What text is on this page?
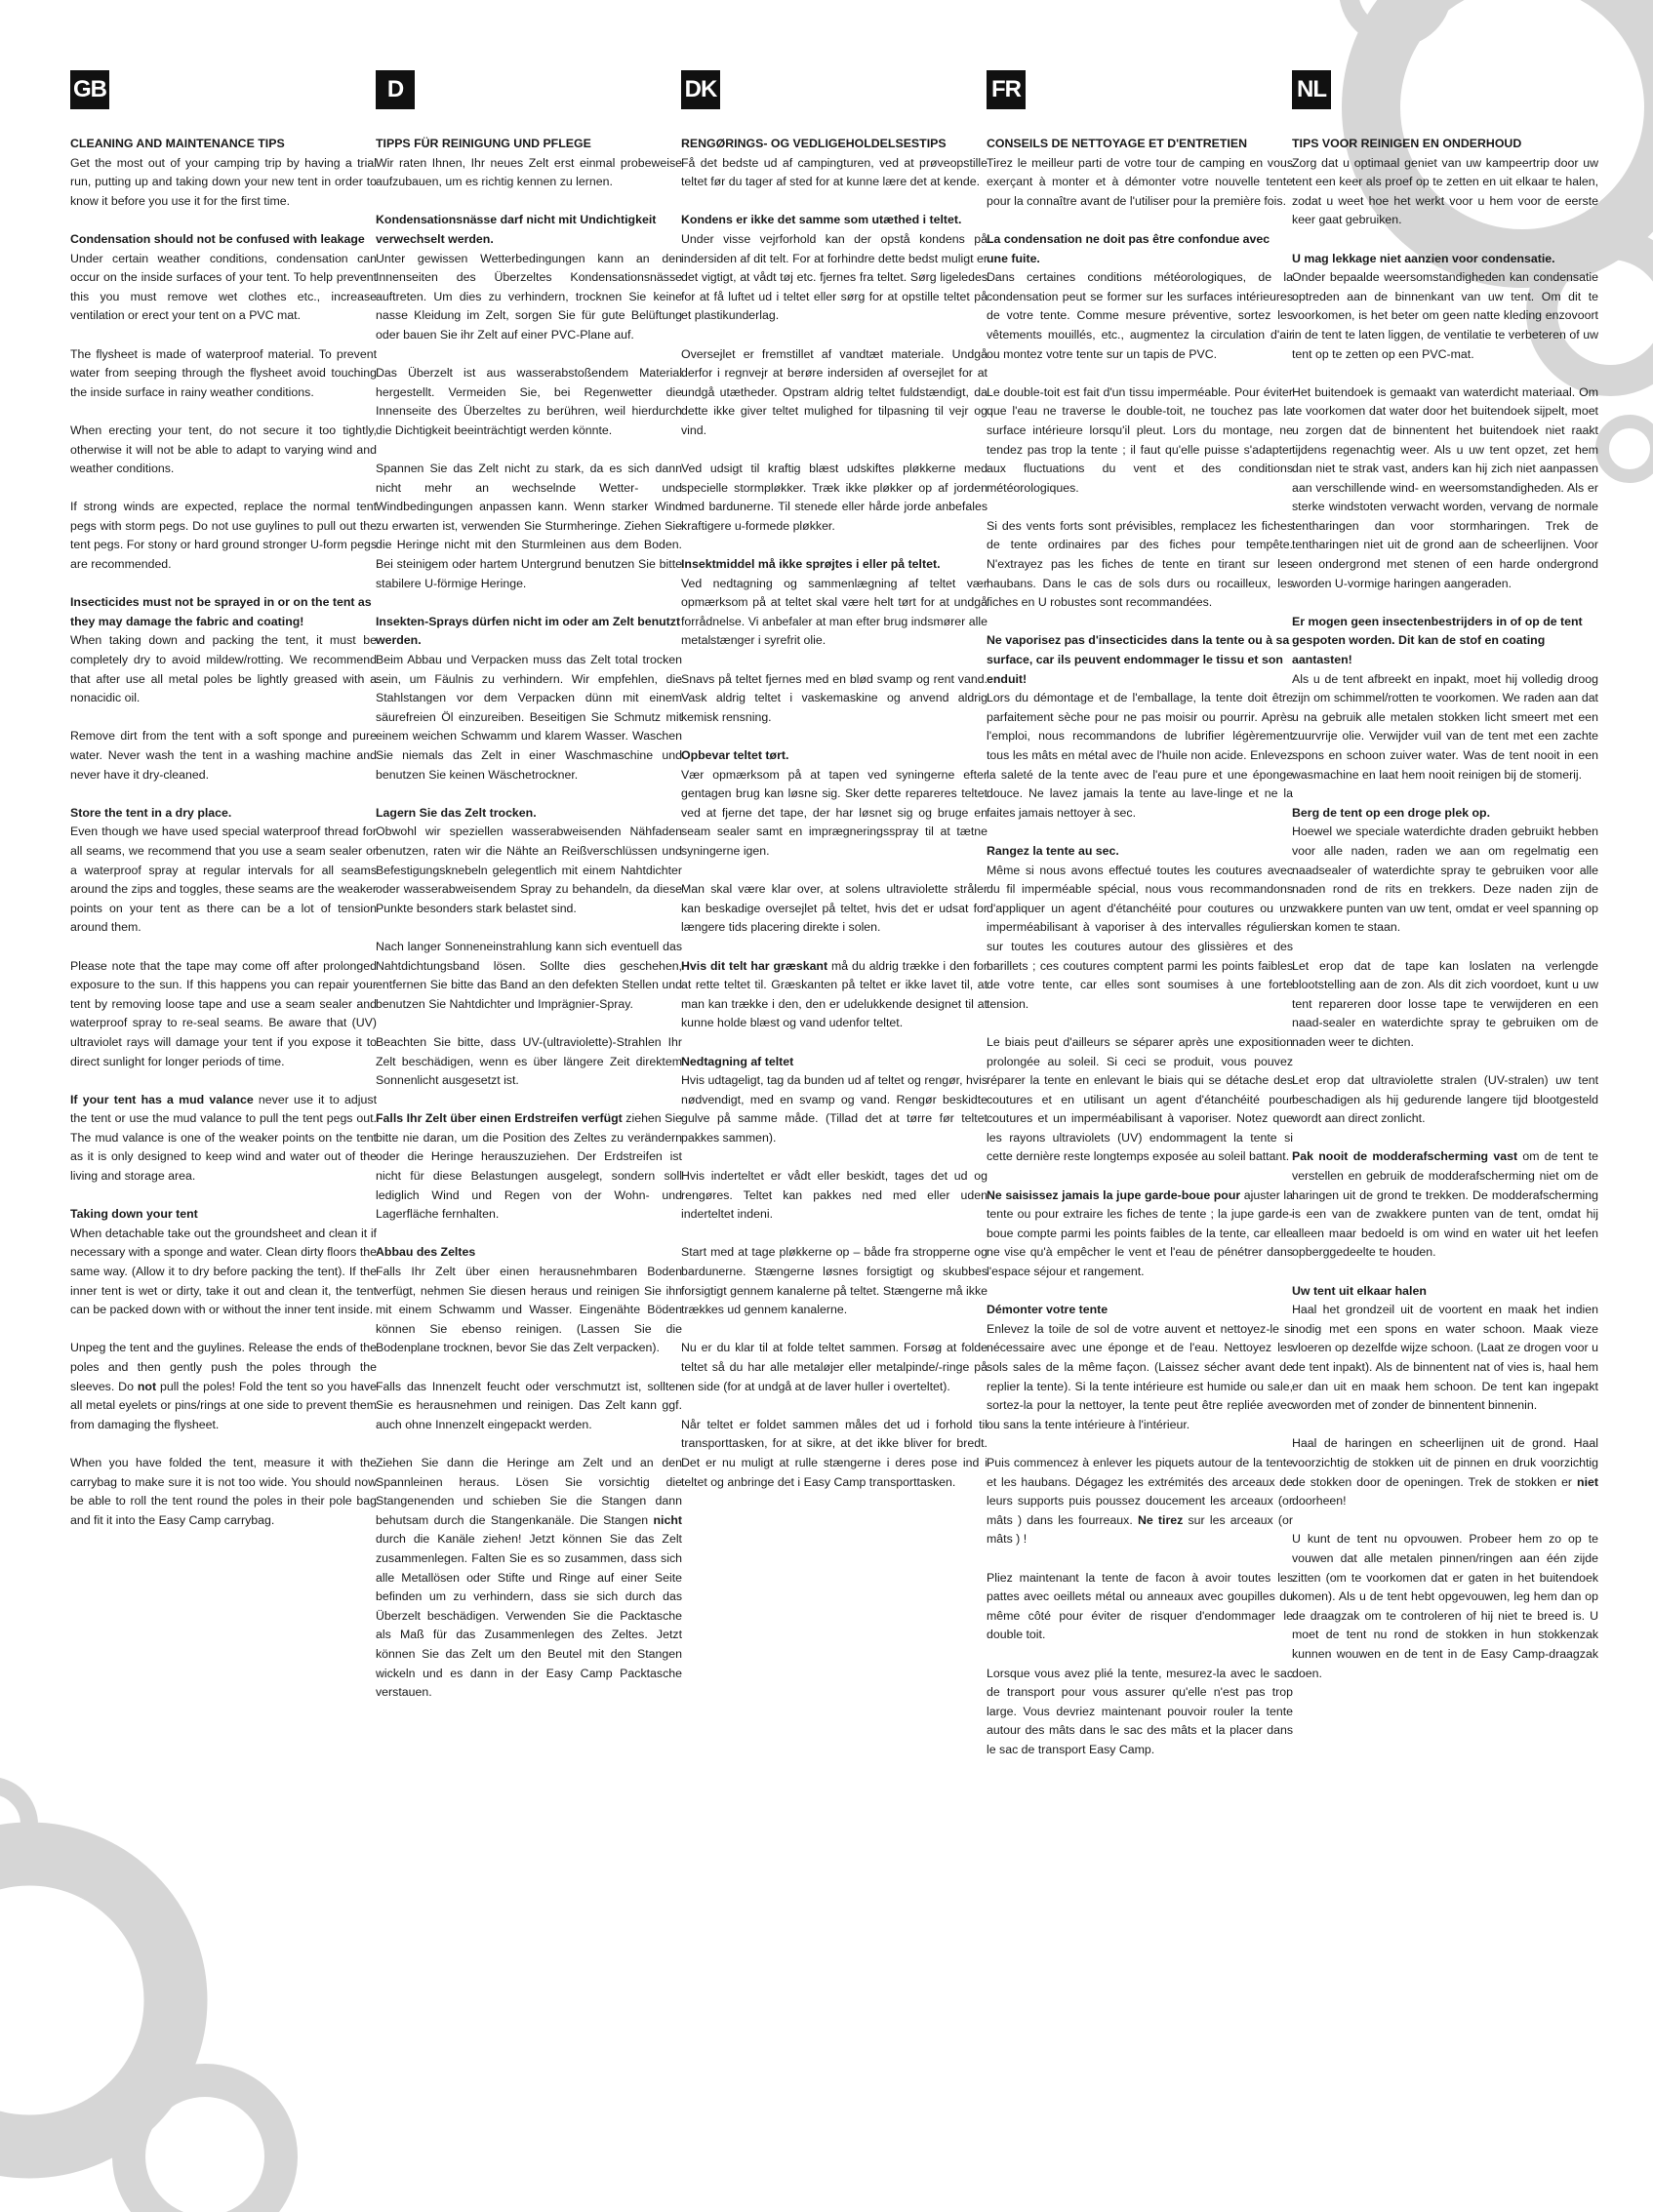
GB
CLEANING AND MAINTENANCE TIPS

Get the most out of your camping trip by having a trial run, putting up and taking down your new tent in order to know it before you use it for the first time.

Condensation should not be confused with leakage

Under certain weather conditions, condensation can occur on the inside surfaces of your tent. To help prevent this you must remove wet clothes etc., increase ventilation or erect your tent on a PVC mat.

The flysheet is made of waterproof material. To prevent water from seeping through the flysheet avoid touching the inside surface in rainy weather conditions.

When erecting your tent, do not secure it too tightly, otherwise it will not be able to adapt to varying wind and weather conditions.

If strong winds are expected, replace the normal tent pegs with storm pegs. Do not use guylines to pull out the tent pegs. For stony or hard ground stronger U-form pegs are recommended.

Insecticides must not be sprayed in or on the tent as they may damage the fabric and coating!

When taking down and packing the tent, it must be completely dry to avoid mildew/rotting. We recommend that after use all metal poles be lightly greased with a nonacidic oil.

Remove dirt from the tent with a soft sponge and pure water. Never wash the tent in a washing machine and never have it dry-cleaned.

Store the tent in a dry place.

Even though we have used special waterproof thread for all seams, we recommend that you use a seam sealer or a waterproof spray at regular intervals for all seams around the zips and toggles, these seams are the weaker points on your tent as there can be a lot of tension around them.

Please note that the tape may come off after prolonged exposure to the sun. If this happens you can repair your tent by removing loose tape and use a seam sealer and waterproof spray to re-seal seams. Be aware that (UV) ultraviolet rays will damage your tent if you expose it to direct sunlight for longer periods of time.

If your tent has a mud valance never use it to adjust the tent or use the mud valance to pull the tent pegs out. The mud valance is one of the weaker points on the tent as it is only designed to keep wind and water out of the living and storage area.

Taking down your tent

When detachable take out the groundsheet and clean it if necessary with a sponge and water. Clean dirty floors the same way. (Allow it to dry before packing the tent). If the inner tent is wet or dirty, take it out and clean it, the tent can be packed down with or without the inner tent inside.

Unpeg the tent and the guylines. Release the ends of the poles and then gently push the poles through the sleeves. Do not pull the poles! Fold the tent so you have all metal eyelets or pins/rings at one side to prevent them from damaging the flysheet.

When you have folded the tent, measure it with the carrybag to make sure it is not too wide. You should now be able to roll the tent round the poles in their pole bag and fit it into the Easy Camp carrybag.

D
TIPPS FÜR REINIGUNG UND PFLEGE

Wir raten Ihnen, Ihr neues Zelt erst einmal probeweise aufzubauen, um es richtig kennen zu lernen.

Kondensationsnässe darf nicht mit Undichtigkeit verwechselt werden.

Unter gewissen Wetterbedingungen kann an den Innenseiten des Überzeltes Kondensationsnässe auftreten. Um dies zu verhindern, trocknen Sie keine nasse Kleidung im Zelt, sorgen Sie für gute Belüftung oder bauen Sie ihr Zelt auf einer PVC-Plane auf.

Das Überzelt ist aus wasserabstoßendem Material hergestellt. Vermeiden Sie, bei Regenwetter die Innenseite des Überzeltes zu berühren, weil hierdurch die Dichtigkeit beeinträchtigt werden könnte.

Spannen Sie das Zelt nicht zu stark, da es sich dann nicht mehr an wechselnde Wetter- und Windbedingungen anpassen kann. Wenn starker Wind zu erwarten ist, verwenden Sie Sturmheringe. Ziehen Sie die Heringe nicht mit den Sturmleinen aus dem Boden. Bei steinigem oder hartem Untergrund benutzen Sie bitte stabilere U-förmige Heringe.

Insekten-Sprays dürfen nicht im oder am Zelt benutzt werden.

Beim Abbau und Verpacken muss das Zelt total trocken sein, um Fäulnis zu verhindern. Wir empfehlen, die Stahlstangen vor dem Verpacken dünn mit einem säurefreien Öl einzureiben. Beseitigen Sie Schmutz mit einem weichen Schwamm und klarem Wasser. Waschen Sie niemals das Zelt in einer Waschmaschine und benutzen Sie keinen Wäschetrockner.

Lagern Sie das Zelt trocken.

Obwohl wir speziellen wasserabweisenden Nähfaden benutzen, raten wir die Nähte an Reißverschlüssen und Befestigungsknebeln gelegentlich mit einem Nahtdichter oder wasserabweisendem Spray zu behandeln, da diese Punkte besonders stark belastet sind.

Nach langer Sonneneinstrahlung kann sich eventuell das Nahtdichtungsband lösen. Sollte dies geschehen, entfernen Sie bitte das Band an den defekten Stellen und benutzen Sie Nahtdichter und Imprägnier-Spray.

Beachten Sie bitte, dass UV-(ultraviolette)-Strahlen Ihr Zelt beschädigen, wenn es über längere Zeit direktem Sonnenlicht ausgesetzt ist.

Falls Ihr Zelt über einen Erdstreifen verfügt ziehen Sie bitte nie daran, um die Position des Zeltes zu verändern oder die Heringe herauszuziehen. Der Erdstreifen ist nicht für diese Belastungen ausgelegt, sondern soll lediglich Wind und Regen von der Wohn- und Lagerfläche fernhalten.

Abbau des Zeltes

Falls Ihr Zelt über einen herausnehmbaren Boden verfügt, nehmen Sie diesen heraus und reinigen Sie ihn mit einem Schwamm und Wasser. Eingenähte Böden können Sie ebenso reinigen. (Lassen Sie die Bodenplane trocknen, bevor Sie das Zelt verpacken).

Falls das Innenzelt feucht oder verschmutzt ist, sollten Sie es herausnehmen und reinigen. Das Zelt kann ggf. auch ohne Innenzelt eingepackt werden.

Ziehen Sie dann die Heringe am Zelt und an den Spannleinen heraus. Lösen Sie vorsichtig die Stangenenden und schieben Sie die Stangen dann behutsam durch die Stangenkanäle. Die Stangen nicht durch die Kanäle ziehen! Jetzt können Sie das Zelt zusammenlegen. Falten Sie es so zusammen, dass sich alle Metallösen oder Stifte und Ringe auf einer Seite befinden um zu verhindern, dass sie sich durch das Überzelt beschädigen. Verwenden Sie die Packtasche als Maß für das Zusammenlegen des Zeltes. Jetzt können Sie das Zelt um den Beutel mit den Stangen wickeln und es dann in der Easy Camp Packtasche verstauen.

DK
RENGØRINGS- OG VEDLIGEHOLDELSESTIPS

Få det bedste ud af campingturen, ved at prøveopstille teltet før du tager af sted for at kunne lære det at kende.

Kondens er ikke det samme som utæthed i teltet.

Under visse vejrforhold kan der opstå kondens på indersiden af dit telt. For at forhindre dette bedst muligt er det vigtigt, at vådt tøj etc. fjernes fra teltet. Sørg ligeledes for at få luftet ud i teltet eller sørg for at opstille teltet på et plastikunderlag.

Oversejlet er fremstillet af vandtæt materiale. Undgå derfor i regnvejr at berøre indersiden af oversejlet for at undgå utætheder. Opstram aldrig teltet fuldstændigt, da dette ikke giver teltet mulighed for tilpasning til vejr og vind.

Ved udsigt til kraftig blæst udskiftes pløkkerne med specielle stormpløkker. Træk ikke pløkker op af jorden med bardunerne. Til stenede eller hårde jorde anbefales kraftigere u-formede pløkker.

Insektmiddel må ikke sprøjtes i eller på teltet.

Ved nedtagning og sammenlægning af teltet vær opmærksom på at teltet skal være helt tørt for at undgå forrådnelse. Vi anbefaler at man efter brug indsmører alle metalstænger i syrefrit olie.

Snavs på teltet fjernes med en blød svamp og rent vand. Vask aldrig teltet i vaskemaskine og anvend aldrig kemisk rensning.

Opbevar teltet tørt.

Vær opmærksom på at tapen ved syningerne efter gentagen brug kan løsne sig. Sker dette repareres teltet ved at fjerne det tape, der har løsnet sig og bruge en seam sealer samt en imprægneringsspray til at tætne syningerne igen.

Man skal være klar over, at solens ultraviolette stråler kan beskadige oversejlet på teltet, hvis det er udsat for længere tids placering direkte i solen.

Hvis dit telt har græskant må du aldrig trække i den for at rette teltet til. Græskanten på teltet er ikke lavet til, at man kan trække i den, den er udelukkende designet til at kunne holde blæst og vand udenfor teltet.

Nedtagning af teltet

Hvis udtageligt, tag da bunden ud af teltet og rengør, hvis nødvendigt, med en svamp og vand. Rengør beskidte gulve på samme måde. (Tillad det at tørre før teltet pakkes sammen).

Hvis inderteltet er vådt eller beskidt, tages det ud og rengøres. Teltet kan pakkes ned med eller uden inderteltet indeni.

Start med at tage pløkkerne op – både fra stropperne og bardunerne. Stængerne løsnes forsigtigt og skubbes forsigtigt gennem kanalerne på teltet. Stængerne må ikke trækkes ud gennem kanalerne.

Nu er du klar til at folde teltet sammen. Forsøg at folde teltet så du har alle metaløjer eller metalpinde/-ringe på en side (for at undgå at de laver huller i overteltet).

Når teltet er foldet sammen måles det ud i forhold til transporttasken, for at sikre, at det ikke bliver for bredt. Det er nu muligt at rulle stængerne i deres pose ind i teltet og anbringe det i Easy Camp transporttasken.

FR
CONSEILS DE NETTOYAGE ET D'ENTRETIEN

Tirez le meilleur parti de votre tour de camping en vous exerçant à monter et à démonter votre nouvelle tente pour la connaître avant de l'utiliser pour la première fois.

La condensation ne doit pas être confondue avec une fuite.

Dans certaines conditions météorologiques, de la condensation peut se former sur les surfaces intérieures de votre tente. Comme mesure préventive, sortez les vêtements mouillés, etc., augmentez la circulation d'air ou montez votre tente sur un tapis de PVC.

Le double-toit est fait d'un tissu imperméable. Pour éviter que l'eau ne traverse le double-toit, ne touchez pas la surface intérieure lorsqu'il pleut. Lors du montage, ne tendez pas trop la tente ; il faut qu'elle puisse s'adapter aux fluctuations du vent et des conditions météorologiques.

Si des vents forts sont prévisibles, remplacez les fiches de tente ordinaires par des fiches pour tempête. N'extrayez pas les fiches de tente en tirant sur les haubans. Dans le cas de sols durs ou rocailleux, les fiches en U robustes sont recommandées.

Ne vaporisez pas d'insecticides dans la tente ou à sa surface, car ils peuvent endommager le tissu et son enduit!

Lors du démontage et de l'emballage, la tente doit être parfaitement sèche pour ne pas moisir ou pourrir. Après l'emploi, nous recommandons de lubrifier légèrement tous les mâts en métal avec de l'huile non acide. Enlevez la saleté de la tente avec de l'eau pure et une éponge douce. Ne lavez jamais la tente au lave-linge et ne la faites jamais nettoyer à sec.

Rangez la tente au sec.

Même si nous avons effectué toutes les coutures avec du fil imperméable spécial, nous vous recommandons d'appliquer un agent d'étanchéité pour coutures ou un imperméabilisant à vaporiser à des intervalles réguliers sur toutes les coutures autour des glissières et des barillets ; ces coutures comptent parmi les points faibles de votre tente, car elles sont soumises à une forte tension.

Le biais peut d'ailleurs se séparer après une exposition prolongée au soleil. Si ceci se produit, vous pouvez réparer la tente en enlevant le biais qui se détache des coutures et en utilisant un agent d'étanchéité pour coutures et un imperméabilisant à vaporiser. Notez que les rayons ultraviolets (UV) endommagent la tente si cette dernière reste longtemps exposée au soleil battant.

Ne saisissez jamais la jupe garde-boue pour ajuster la tente ou pour extraire les fiches de tente ; la jupe garde-boue compte parmi les points faibles de la tente, car elle ne vise qu'à empêcher le vent et l'eau de pénétrer dans l'espace séjour et rangement.

Démonter votre tente

Enlevez la toile de sol de votre auvent et nettoyez-le si nécessaire avec une éponge et de l'eau. Nettoyez les sols sales de la même façon. (Laissez sécher avant de replier la tente). Si la tente intérieure est humide ou sale, sortez-la pour la nettoyer, la tente peut être repliée avec ou sans la tente intérieure à l'intérieur.

Puis commencez à enlever les piquets autour de la tente et les haubans. Dégagez les extrémités des arceaux de leurs supports puis poussez doucement les arceaux (or mâts ) dans les fourreaux. Ne tirez sur les arceaux (or mâts ) !

Pliez maintenant la tente de facon à avoir toutes les pattes avec oeillets métal ou anneaux avec goupilles du même côté pour éviter de risquer d'endommager le double toit.

Lorsque vous avez plié la tente, mesurez-la avec le sac de transport pour vous assurer qu'elle n'est pas trop large. Vous devriez maintenant pouvoir rouler la tente autour des mâts dans le sac des mâts et la placer dans le sac de transport Easy Camp.

NL
TIPS VOOR REINIGEN EN ONDERHOUD

Zorg dat u optimaal geniet van uw kampeertrip door uw tent een keer als proef op te zetten en uit elkaar te halen, zodat u weet hoe het werkt voor u hem voor de eerste keer gaat gebruiken.

U mag lekkage niet aanzien voor condensatie.

Onder bepaalde weersomstandigheden kan condensatie optreden aan de binnenkant van uw tent. Om dit te voorkomen, is het beter om geen natte kleding enzovoort in de tent te laten liggen, de ventilatie te verbeteren of uw tent op te zetten op een PVC-mat.

Het buitendoek is gemaakt van waterdicht materiaal. Om te voorkomen dat water door het buitendoek sijpelt, moet u zorgen dat de binnentent het buitendoek niet raakt tijdens regenachtig weer. Als u uw tent opzet, zet hem dan niet te strak vast, anders kan hij zich niet aanpassen aan verschillende wind- en weersomstandigheden. Als er sterke windstoten verwacht worden, vervang de normale tentharingen dan voor stormharingen. Trek de tentharingen niet uit de grond aan de scheerlijnen. Voor een ondergrond met stenen of een harde ondergrond worden U-vormige haringen aangeraden.

Er mogen geen insectenbestrijders in of op de tent gespoten worden. Dit kan de stof en coating aantasten!

Als u de tent afbreekt en inpakt, moet hij volledig droog zijn om schimmel/rotten te voorkomen. We raden aan dat u na gebruik alle metalen stokken licht smeert met een zuurvrije olie. Verwijder vuil van de tent met een zachte spons en schoon zuiver water. Was de tent nooit in een wasmachine en laat hem nooit reinigen bij de stomerij.

Berg de tent op een droge plek op.

Hoewel we speciale waterdichte draden gebruikt hebben voor alle naden, raden we aan om regelmatig een naadsealer of waterdichte spray te gebruiken voor alle naden rond de rits en trekkers. Deze naden zijn de zwakkere punten van uw tent, omdat er veel spanning op kan komen te staan.

Let erop dat de tape kan loslaten na verlengde blootstelling aan de zon. Als dit zich voordoet, kunt u uw tent repareren door losse tape te verwijderen en een naad-sealer en waterdichte spray te gebruiken om de naden weer te dichten.

Let erop dat ultraviolette stralen (UV-stralen) uw tent beschadigen als hij gedurende langere tijd blootgesteld wordt aan direct zonlicht.

Pak nooit de modderafscherming vast om de tent te verstellen en gebruik de modderafscherming niet om de haringen uit de grond te trekken. De modderafscherming is een van de zwakkere punten van de tent, omdat hij alleen maar bedoeld is om wind en water uit het leefen opberggedeelte te houden.

Uw tent uit elkaar halen

Haal het grondzeil uit de voortent en maak het indien nodig met een spons en water schoon. Maak vieze vloeren op dezelfde wijze schoon. (Laat ze drogen voor u de tent inpakt). Als de binnentent nat of vies is, haal hem er dan uit en maak hem schoon. De tent kan ingepakt worden met of zonder de binnentent binnenin.

Haal de haringen en scheerlijnen uit de grond. Haal voorzichtig de stokken uit de pinnen en druk voorzichtig de stokken door de openingen. Trek de stokken er niet doorheen!

U kunt de tent nu opvouwen. Probeer hem zo op te vouwen dat alle metalen pinnen/ringen aan één zijde zitten (om te voorkomen dat er gaten in het buitendoek komen). Als u de tent hebt opgevouwen, leg hem dan op de draagzak om te controleren of hij niet te breed is. U moet de tent nu rond de stokken in hun stokkenzak kunnen wouwen en de tent in de Easy Camp-draagzak doen.
